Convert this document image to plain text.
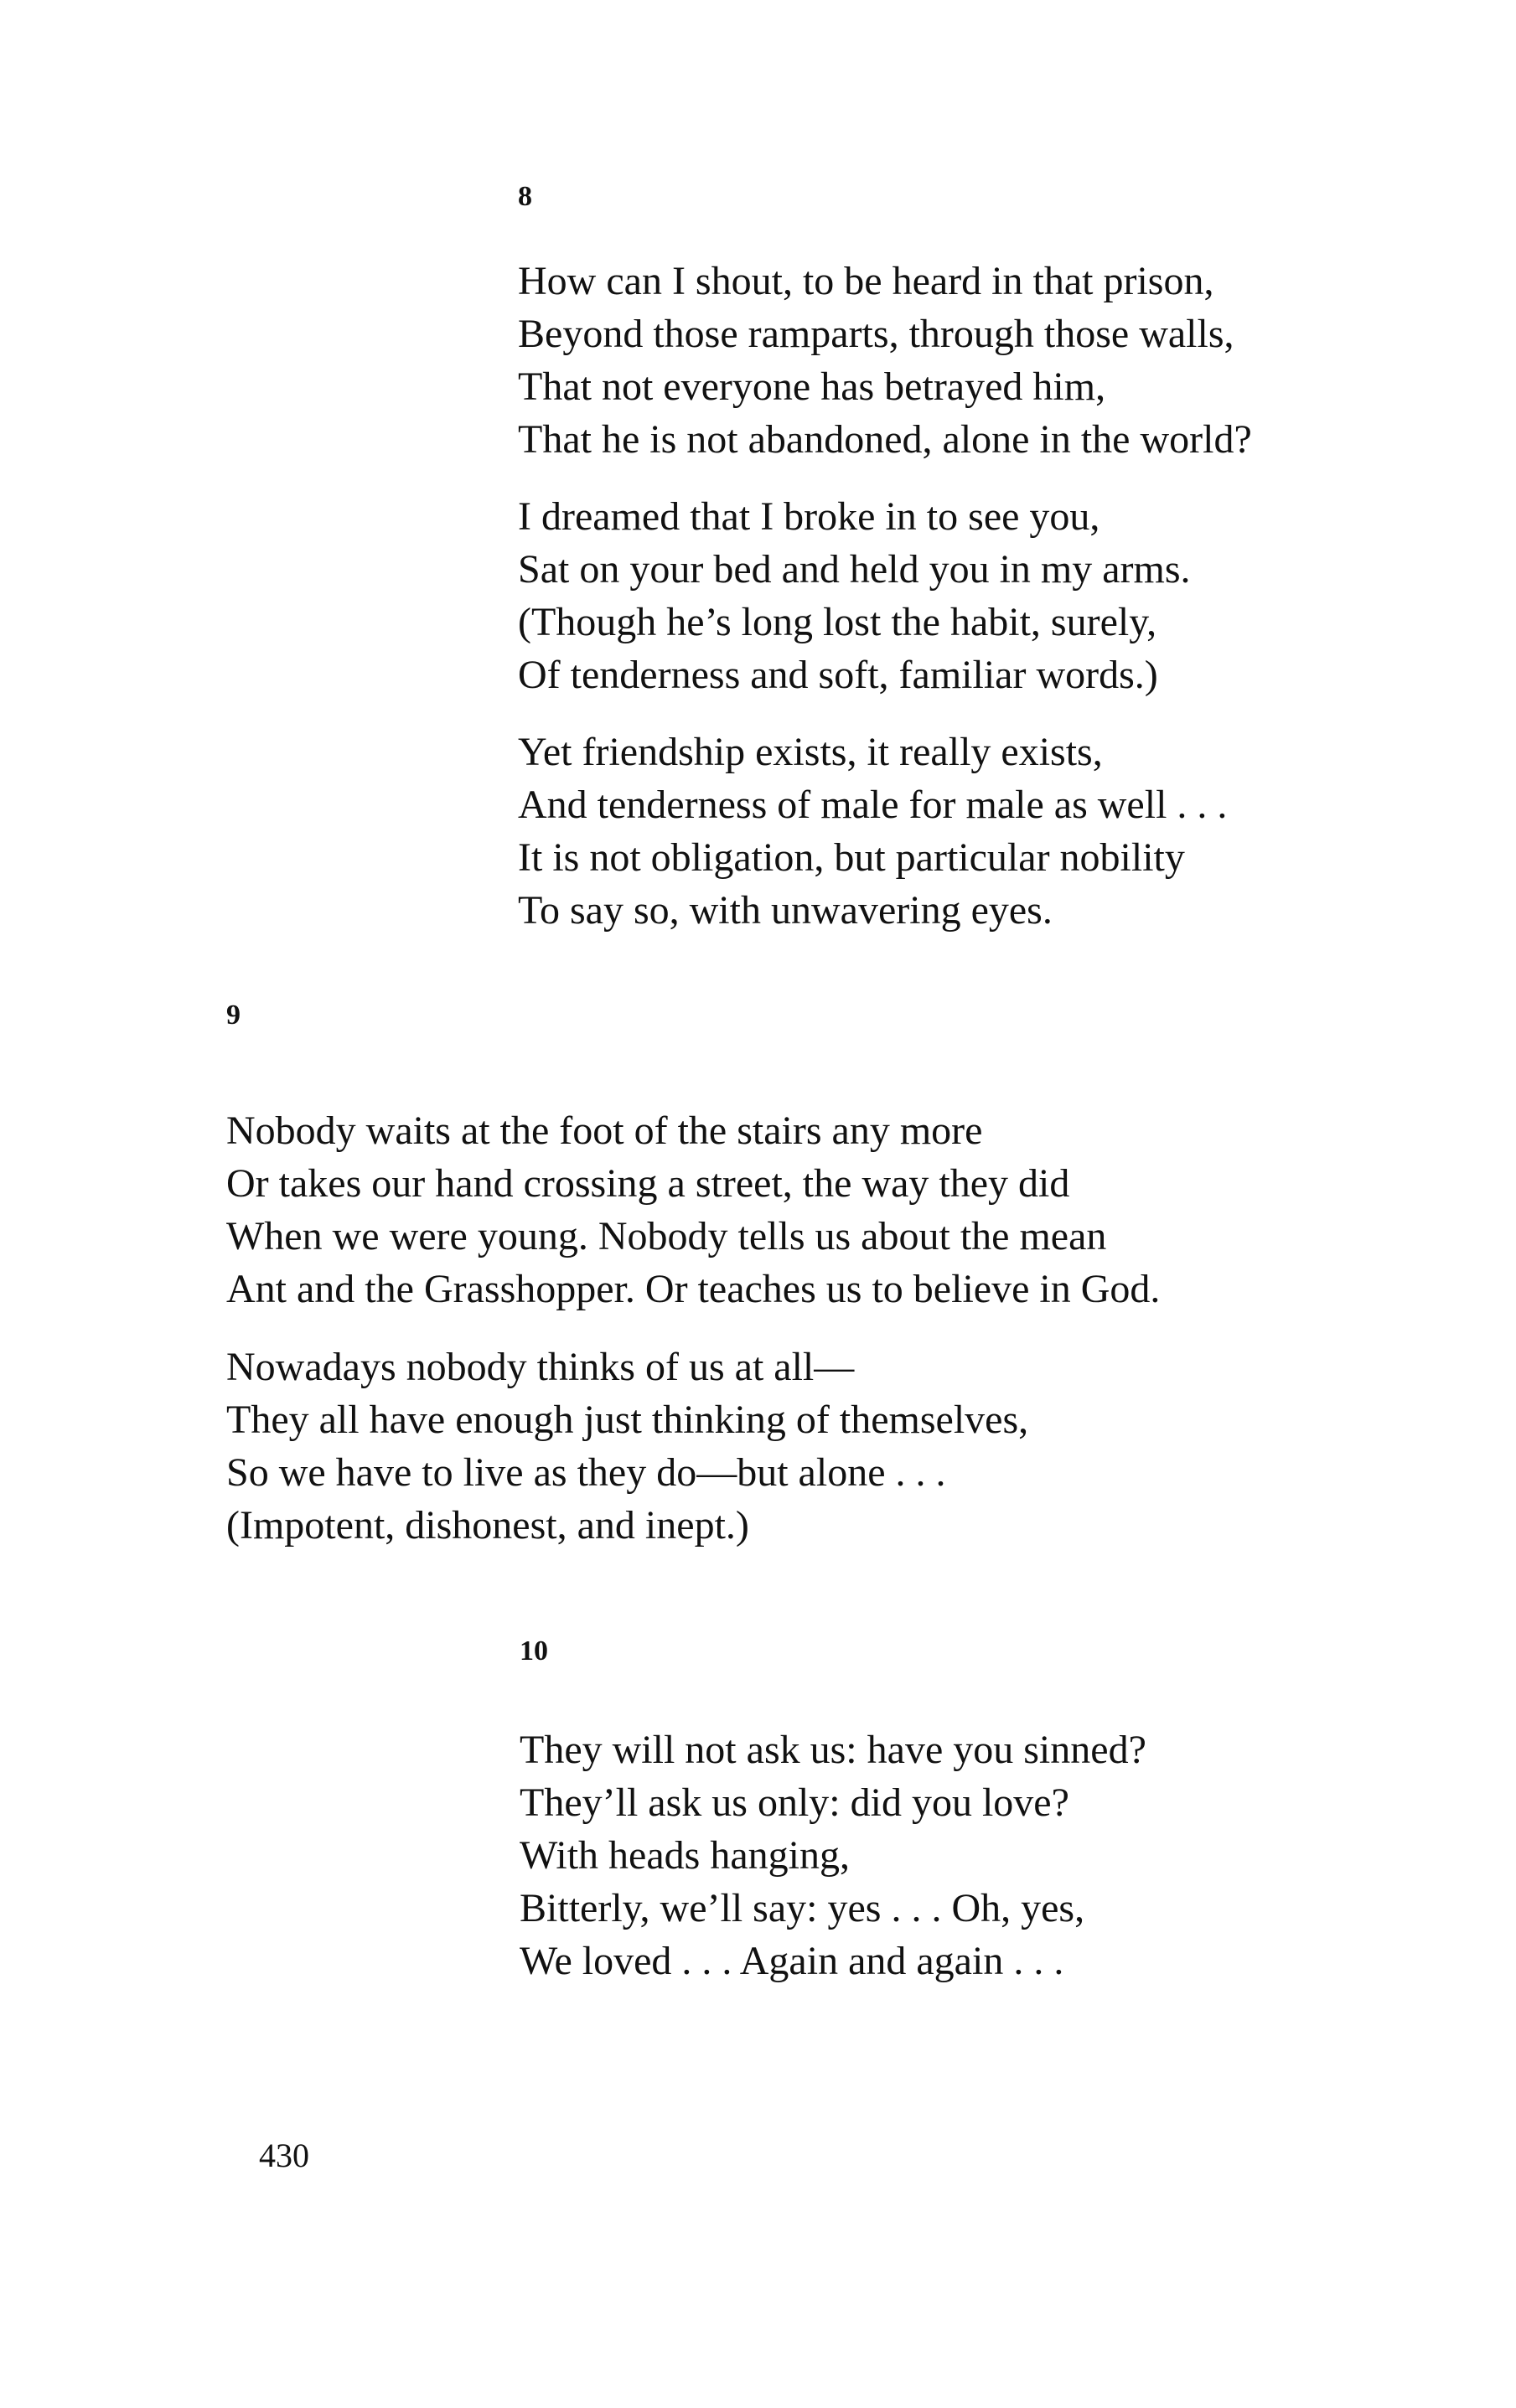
8

How can I shout, to be heard in that prison,
Beyond those ramparts, through those walls,
That not everyone has betrayed him,
That he is not abandoned, alone in the world?
I dreamed that I broke in to see you,
Sat on your bed and held you in my arms.
(Though he’s long lost the habit, surely,
Of tenderness and soft, familiar words.)
Yet friendship exists, it really exists,
And tenderness of male for male as well . . .
It is not obligation, but particular nobility
To say so, with unwavering eyes.

9

Nobody waits at the foot of the stairs any more
Or takes our hand crossing a street, the way they did
When we were young. Nobody tells us about the mean
Ant and the Grasshopper. Or teaches us to believe in God.
Nowadays nobody thinks of us at all—
They all have enough just thinking of themselves,
So we have to live as they do—but alone . . .
(Impotent, dishonest, and inept.)

10

They will not ask us: have you sinned?
They’ll ask us only: did you love?
With heads hanging,
Bitterly, we’ll say: yes . . . Oh, yes,
We loved . . . Again and again . . .

430
